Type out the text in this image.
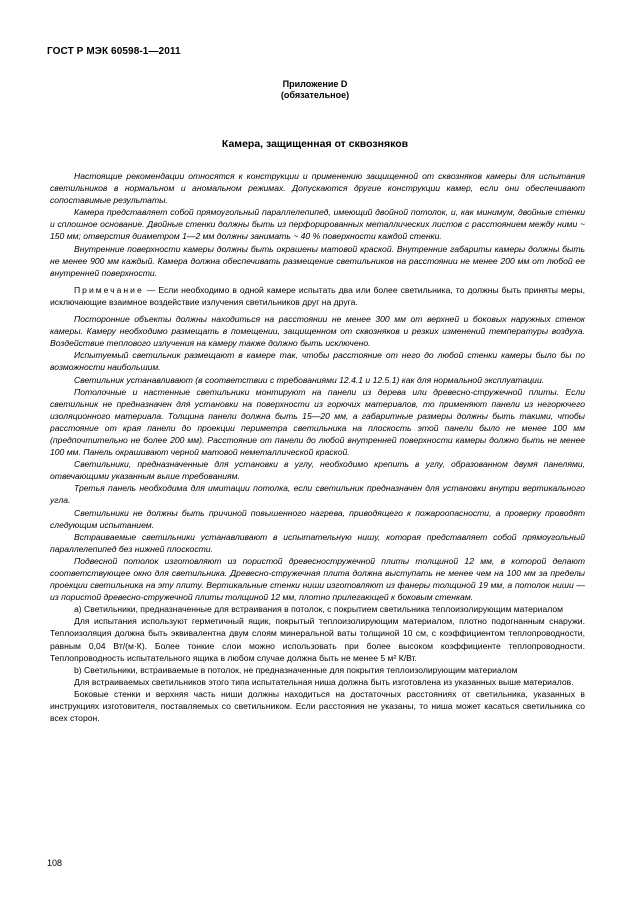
ГОСТ Р МЭК 60598-1—2011
Приложение D
(обязательное)
Камера, защищенная от сквозняков

Настоящие рекомендации относятся к конструкции и применению защищенной от сквозняков камеры для испытания светильников в нормальном и аномальном режимах. Допускаются другие конструкции камер, если они обеспечивают сопоставимые результаты.

Камера представляет собой прямоугольный параллелепипед, имеющий двойной потолок, и, как минимум, двойные стенки и сплошное основание. Двойные стенки должны быть из перфорированных металлических листов с расстоянием между ними ~ 150 мм; отверстия диаметром 1—2 мм должны занимать ~ 40 % поверхности каждой стенки.

Внутренние поверхности камеры должны быть окрашены матовой краской. Внутренние габариты камеры должны быть не менее 900 мм каждый. Камера должна обеспечивать размещение светильников на расстоянии не менее 200 мм от любой ее внутренней поверхности.

Примечание — Если необходимо в одной камере испытать два или более светильника, то должны быть приняты меры, исключающие взаимное воздействие излучения светильников друг на друга.

Посторонние объекты должны находиться на расстоянии не менее 300 мм от верхней и боковых наружных стенок камеры. Камеру необходимо размещать в помещении, защищенном от сквозняков и резких изменений температуры воздуха. Воздействие теплового излучения на камеру также должно быть исключено.

Испытуемый светильник размещают в камере так, чтобы расстояние от него до любой стенки камеры было бы по возможности наибольшим.

Светильник устанавливают (в соответствии с требованиями 12.4.1 и 12.5.1) как для нормальной эксплуатации.

Потолочные и настенные светильники монтируют на панели из дерева или древесно-стружечной плиты. Если светильник не предназначен для установки на поверхности из горючих материалов, то применяют панели из негорючего изоляционного материала. Толщина панели должна быть 15—20 мм, а габаритные размеры должны быть такими, чтобы расстояние от края панели до проекции периметра светильника на плоскость этой панели было не менее 100 мм (предпочтительно не более 200 мм). Расстояние от панели до любой внутренней поверхности камеры должно быть не менее 100 мм. Панель окрашивают черной матовой неметаллической краской.

Светильники, предназначенные для установки в углу, необходимо крепить в углу, образованном двумя панелями, отвечающими указанным выше требованиям.

Третья панель необходима для имитации потолка, если светильник предназначен для установки внутри вертикального угла.

Светильники не должны быть причиной повышенного нагрева, приводящего к пожароопасности, а проверку проводят следующим испытанием.

Встраиваемые светильники устанавливают в испытательную нишу, которая представляет собой прямоугольный параллелепипед без нижней плоскости.

Подвесной потолок изготовляют из пористой древесностружечной плиты толщиной 12 мм, в которой делают соответствующее окно для светильника. Древесно-стружечная плита должна выступать не менее чем на 100 мм за пределы проекции светильника на эту плиту. Вертикальные стенки ниши изготовляют из фанеры толщиной 19 мм, а потолок ниши — из пористой древесно-стружечной плиты толщиной 12 мм, плотно прилегающей к боковым стенкам.

а) Светильники, предназначенные для встраивания в потолок, с покрытием светильника теплоизолирующим материалом

Для испытания используют герметичный ящик, покрытый теплоизолирующим материалом, плотно подогнанным снаружи. Теплоизоляция должна быть эквивалентна двум слоям минеральной ваты толщиной 10 см, с коэффициентом теплопроводности, равным 0,04 Вт/(м·К). Более тонкие слои можно использовать при более высоком коэффициенте теплопроводности. Теплопроводность испытательного ящика в любом случае должна быть не менее 5 м² К/Вт.

b) Светильники, встраиваемые в потолок, не предназначенные для покрытия теплоизолирующим материалом

Для встраиваемых светильников этого типа испытательная ниша должна быть изготовлена из указанных выше материалов.

Боковые стенки и верхняя часть ниши должны находиться на достаточных расстояниях от светильника, указанных в инструкциях изготовителя, поставляемых со светильником. Если расстояния не указаны, то ниша может касаться светильника со всех сторон.

108
